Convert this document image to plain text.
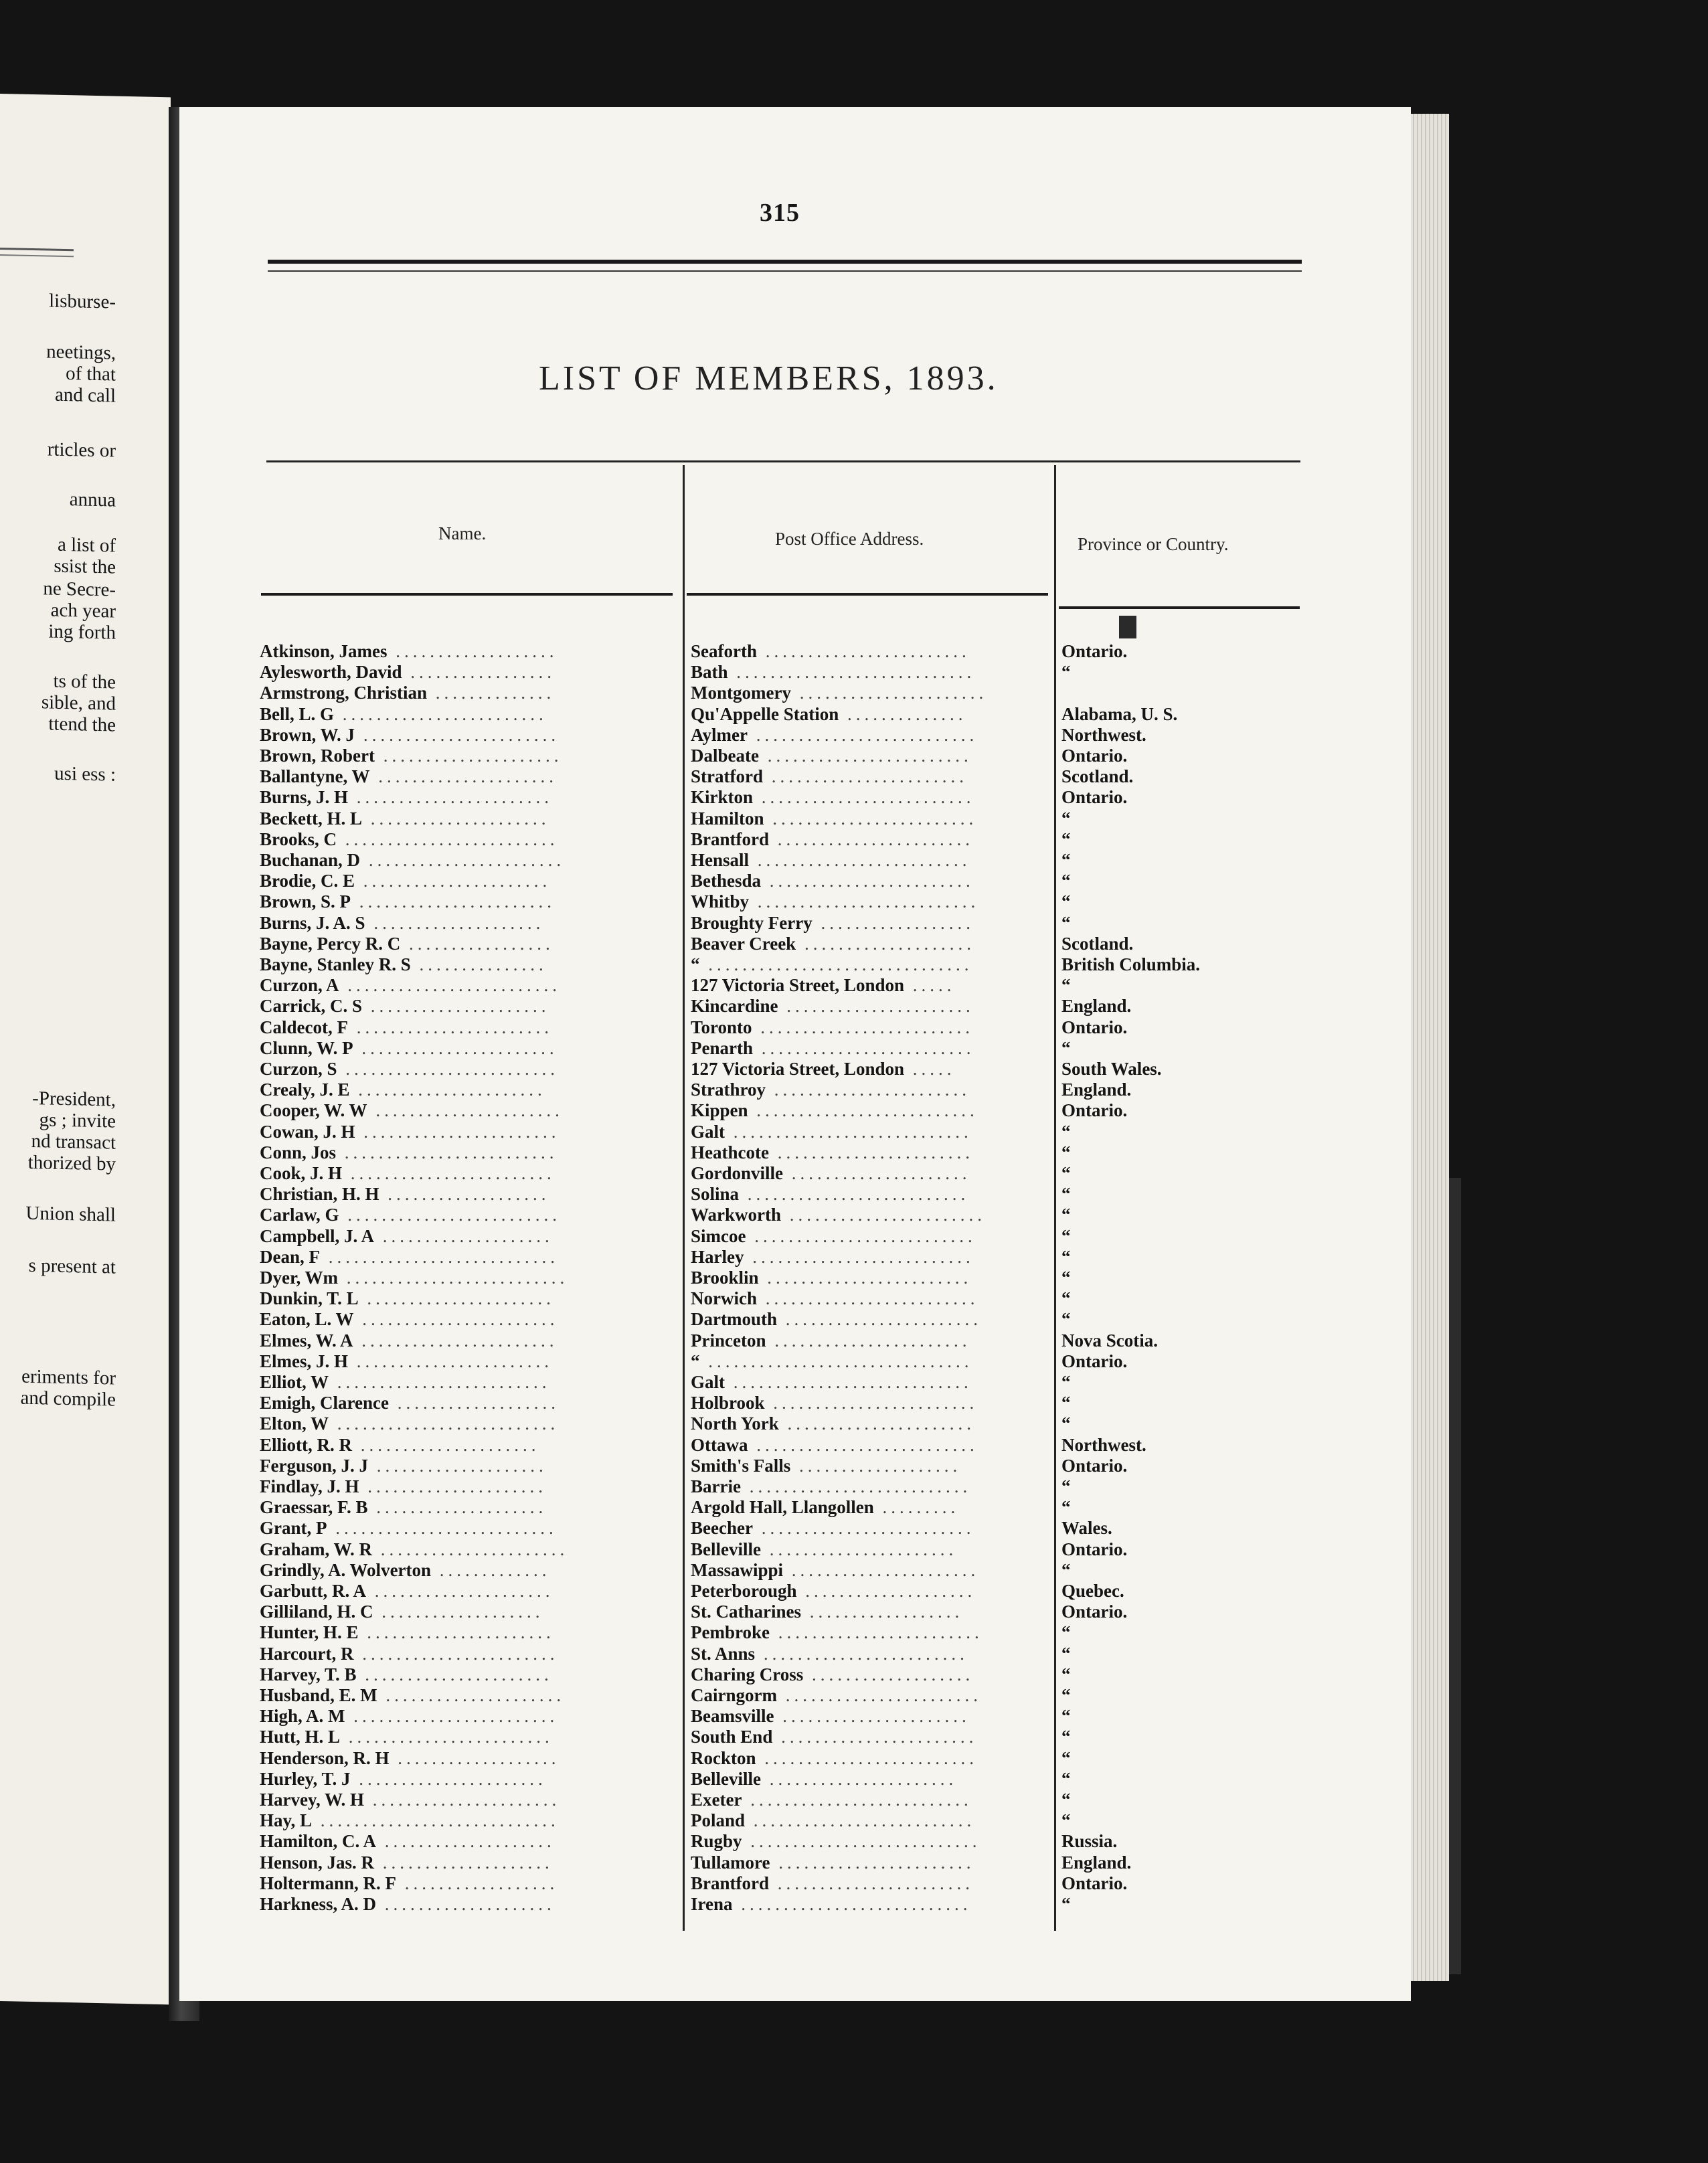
lisburse-
neetings,
of that
and call
rticles or
annua
a list of
ssist the
ne Secre-
ach year
ing forth
ts of the
sible, and
ttend the
usi ess :
-President,
gs ; invite
nd transact
thorized by
Union shall
s present at
eriments for
and compile
315
LIST OF MEMBERS, 1893.
Name.	Post Office Address.	Province or Country.
Atkinson, James ...................	Seaforth ........................	Ontario.
Aylesworth, David .................	Bath ............................	“
Armstrong, Christian ..............	Montgomery ......................
Bell, L. G ........................	Qu'Appelle Station ..............	Alabama, U. S.
Brown, W. J .......................	Aylmer ..........................	Northwest.
Brown, Robert .....................	Dalbeate ........................	Ontario.
Ballantyne, W .....................	Stratford .......................	Scotland.
Burns, J. H .......................	Kirkton .........................	Ontario.
Beckett, H. L .....................	Hamilton ........................	“
Brooks, C .........................	Brantford .......................	“
Buchanan, D .......................	Hensall .........................	“
Brodie, C. E ......................	Bethesda ........................	“
Brown, S. P .......................	Whitby ..........................	“
Burns, J. A. S ....................	Broughty Ferry ..................	“
Bayne, Percy R. C .................	Beaver Creek ....................	Scotland.
Bayne, Stanley R. S ...............	“ ...............................	British Columbia.
Curzon, A .........................	127 Victoria Street, London .....	“
Carrick, C. S .....................	Kincardine ......................	England.
Caldecot, F .......................	Toronto .........................	Ontario.
Clunn, W. P .......................	Penarth .........................	“
Curzon, S .........................	127 Victoria Street, London .....	South Wales.
Crealy, J. E ......................	Strathroy .......................	England.
Cooper, W. W ......................	Kippen ..........................	Ontario.
Cowan, J. H .......................	Galt ............................	“
Conn, Jos .........................	Heathcote .......................	“
Cook, J. H ........................	Gordonville .....................	“
Christian, H. H ...................	Solina ..........................	“
Carlaw, G .........................	Warkworth .......................	“
Campbell, J. A ....................	Simcoe ..........................	“
Dean, F ...........................	Harley ..........................	“
Dyer, Wm ..........................	Brooklin ........................	“
Dunkin, T. L ......................	Norwich .........................	“
Eaton, L. W .......................	Dartmouth .......................	“
Elmes, W. A .......................	Princeton .......................	Nova Scotia.
Elmes, J. H .......................	“ ...............................	Ontario.
Elliot, W .........................	Galt ............................	“
Emigh, Clarence ...................	Holbrook ........................	“
Elton, W ..........................	North York ......................	“
Elliott, R. R .....................	Ottawa ..........................	Northwest.
Ferguson, J. J ....................	Smith's Falls ...................	Ontario.
Findlay, J. H .....................	Barrie ..........................	“
Graessar, F. B ....................	Argold Hall, Llangollen .........	“
Grant, P ..........................	Beecher .........................	Wales.
Graham, W. R ......................	Belleville ......................	Ontario.
Grindly, A. Wolverton .............	Massawippi ......................	“
Garbutt, R. A .....................	Peterborough ....................	Quebec.
Gilliland, H. C ...................	St. Catharines ..................	Ontario.
Hunter, H. E ......................	Pembroke ........................	“
Harcourt, R .......................	St. Anns ........................	“
Harvey, T. B ......................	Charing Cross ...................	“
Husband, E. M .....................	Cairngorm .......................	“
High, A. M ........................	Beamsville ......................	“
Hutt, H. L ........................	South End .......................	“
Henderson, R. H ...................	Rockton .........................	“
Hurley, T. J ......................	Belleville ......................	“
Harvey, W. H ......................	Exeter ..........................	“
Hay, L ............................	Poland ..........................	“
Hamilton, C. A ....................	Rugby ...........................	Russia.
Henson, Jas. R ....................	Tullamore .......................	England.
Holtermann, R. F ..................	Brantford .......................	Ontario.
Harkness, A. D ....................	Irena ...........................	“
